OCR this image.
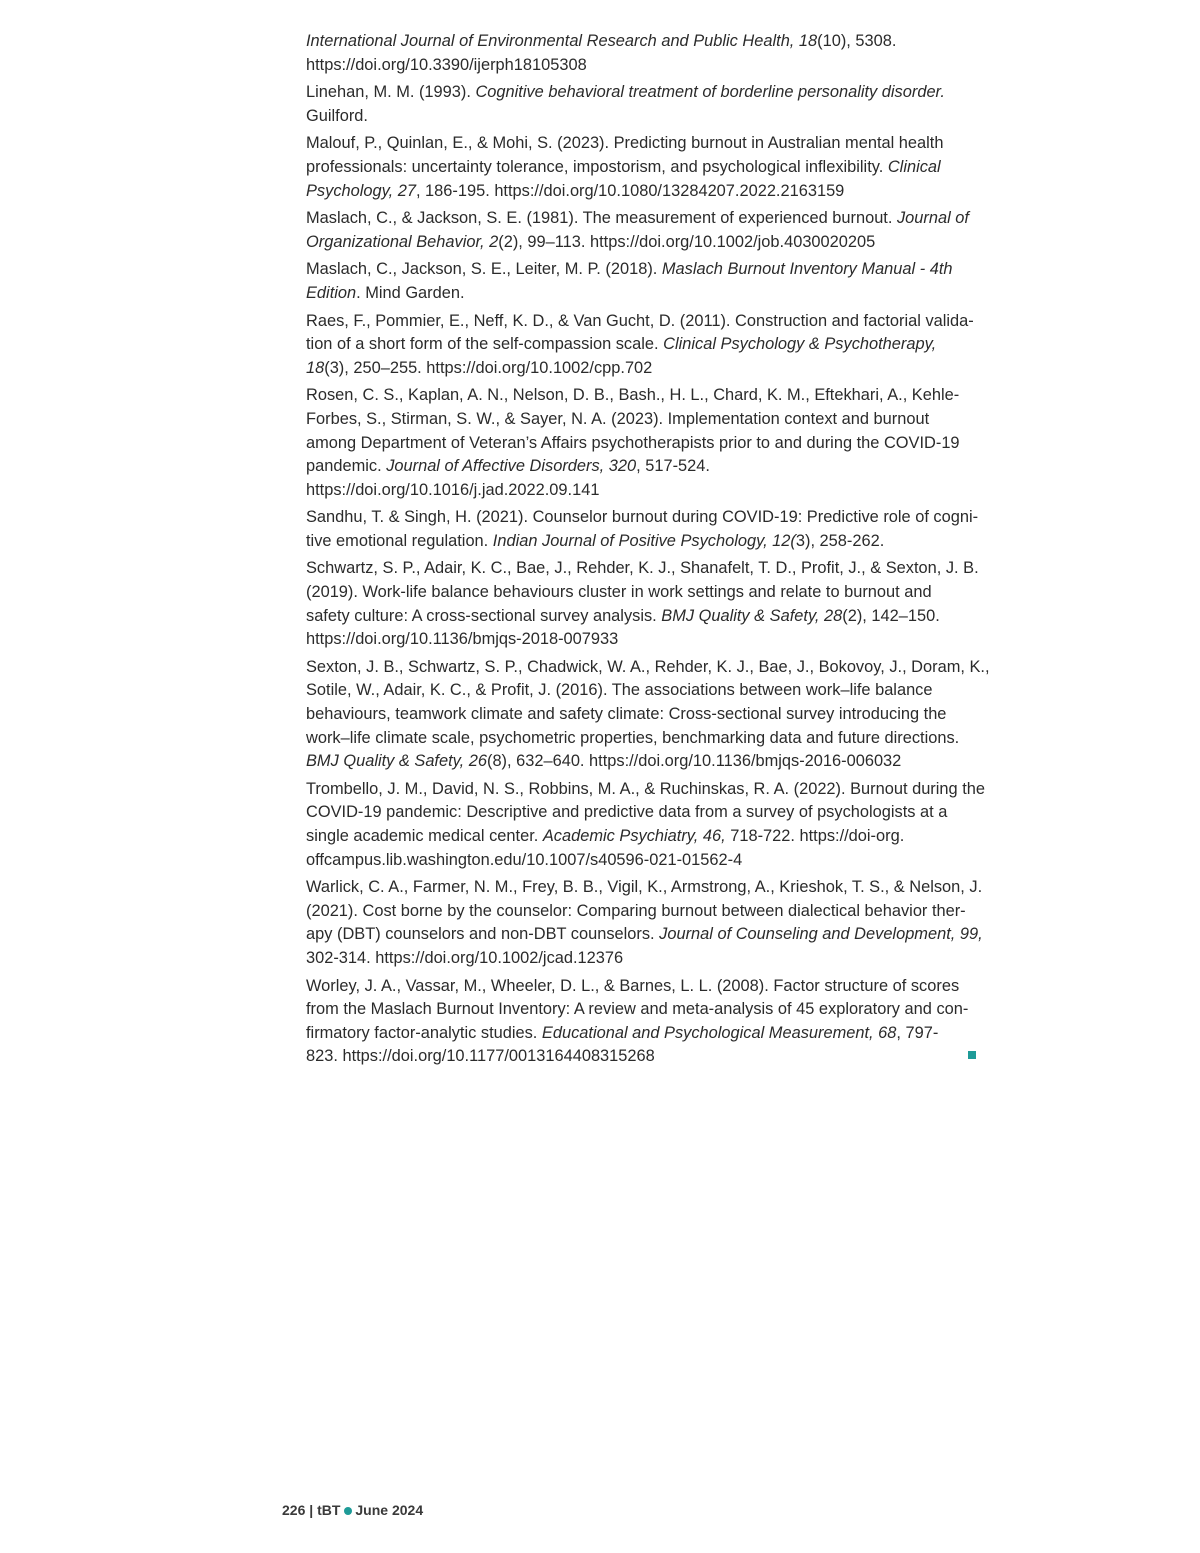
International Journal of Environmental Research and Public Health, 18(10), 5308.
https://doi.org/10.3390/ijerph18105308
Linehan, M. M. (1993). Cognitive behavioral treatment of borderline personality disorder.
Guilford.
Malouf, P., Quinlan, E., & Mohi, S. (2023). Predicting burnout in Australian mental health
professionals: uncertainty tolerance, impostorism, and psychological inflexibility. Clinical
Psychology, 27, 186-195. https://doi.org/10.1080/13284207.2022.2163159
Maslach, C., & Jackson, S. E. (1981). The measurement of experienced burnout. Journal of
Organizational Behavior, 2(2), 99–113. https://doi.org/10.1002/job.4030020205
Maslach, C., Jackson, S. E., Leiter, M. P. (2018). Maslach Burnout Inventory Manual - 4th
Edition. Mind Garden.
Raes, F., Pommier, E., Neff, K. D., & Van Gucht, D. (2011). Construction and factorial valida-
tion of a short form of the self-compassion scale. Clinical Psychology & Psychotherapy,
18(3), 250–255. https://doi.org/10.1002/cpp.702
Rosen, C. S., Kaplan, A. N., Nelson, D. B., Bash., H. L., Chard, K. M., Eftekhari, A., Kehle-
Forbes, S., Stirman, S. W., & Sayer, N. A. (2023). Implementation context and burnout
among Department of Veteran’s Affairs psychotherapists prior to and during the COVID-19
pandemic. Journal of Affective Disorders, 320, 517-524.
https://doi.org/10.1016/j.jad.2022.09.141
Sandhu, T. & Singh, H. (2021). Counselor burnout during COVID-19: Predictive role of cogni-
tive emotional regulation. Indian Journal of Positive Psychology, 12(3), 258-262.
Schwartz, S. P., Adair, K. C., Bae, J., Rehder, K. J., Shanafelt, T. D., Profit, J., & Sexton, J. B.
(2019). Work-life balance behaviours cluster in work settings and relate to burnout and
safety culture: A cross-sectional survey analysis. BMJ Quality & Safety, 28(2), 142–150.
https://doi.org/10.1136/bmjqs-2018-007933
Sexton, J. B., Schwartz, S. P., Chadwick, W. A., Rehder, K. J., Bae, J., Bokovoy, J., Doram, K.,
Sotile, W., Adair, K. C., & Profit, J. (2016). The associations between work–life balance
behaviours, teamwork climate and safety climate: Cross-sectional survey introducing the
work–life climate scale, psychometric properties, benchmarking data and future directions.
BMJ Quality & Safety, 26(8), 632–640. https://doi.org/10.1136/bmjqs-2016-006032
Trombello, J. M., David, N. S., Robbins, M. A., & Ruchinskas, R. A. (2022). Burnout during the
COVID-19 pandemic: Descriptive and predictive data from a survey of psychologists at a
single academic medical center. Academic Psychiatry, 46, 718-722. https://doi-org.
offcampus.lib.washington.edu/10.1007/s40596-021-01562-4
Warlick, C. A., Farmer, N. M., Frey, B. B., Vigil, K., Armstrong, A., Krieshok, T. S., & Nelson, J.
(2021). Cost borne by the counselor: Comparing burnout between dialectical behavior ther-
apy (DBT) counselors and non-DBT counselors. Journal of Counseling and Development, 99,
302-314. https://doi.org/10.1002/jcad.12376
Worley, J. A., Vassar, M., Wheeler, D. L., & Barnes, L. L. (2008). Factor structure of scores
from the Maslach Burnout Inventory: A review and meta-analysis of 45 exploratory and con-
firmatory factor-analytic studies. Educational and Psychological Measurement, 68, 797-
823. https://doi.org/10.1177/0013164408315268
226 | tBT June 2024
